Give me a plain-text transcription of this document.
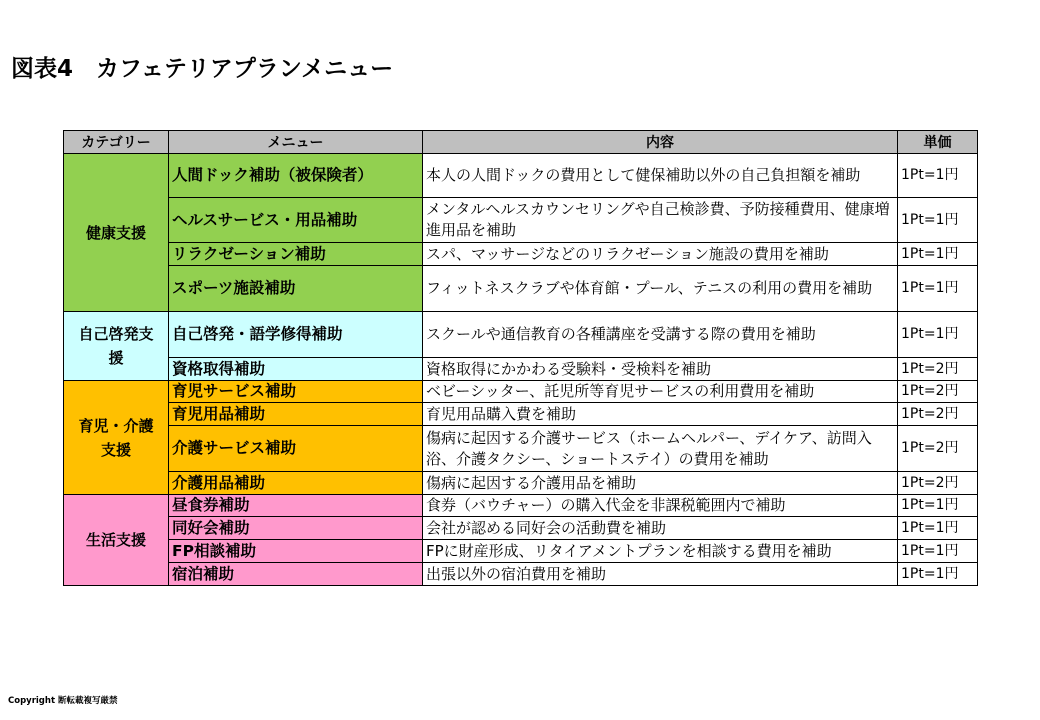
図表4　カフェテリアプランメニュー
カテゴリー	メニュー	内容	単価
健康支援	人間ドック補助（被保険者）	本人の人間ドックの費用として健保補助以外の自己負担額を補助	1Pt=1円
	ヘルスサービス・用品補助	メンタルヘルスカウンセリングや自己検診費、予防接種費用、健康増進用品を補助	1Pt=1円
	リラクゼーション補助	スパ、マッサージなどのリラクゼーション施設の費用を補助	1Pt=1円
	スポーツ施設補助	フィットネスクラブや体育館・プール、テニスの利用の費用を補助	1Pt=1円
自己啓発支援	自己啓発・語学修得補助	スクールや通信教育の各種講座を受講する際の費用を補助	1Pt=1円
	資格取得補助	資格取得にかかわる受験料・受検料を補助	1Pt=2円
育児・介護支援	育児サービス補助	ベビーシッター、託児所等育児サービスの利用費用を補助	1Pt=2円
	育児用品補助	育児用品購入費を補助	1Pt=2円
	介護サービス補助	傷病に起因する介護サービス（ホームヘルパー、デイケア、訪問入浴、介護タクシー、ショートステイ）の費用を補助	1Pt=2円
	介護用品補助	傷病に起因する介護用品を補助	1Pt=2円
生活支援	昼食券補助	食券（バウチャー）の購入代金を非課税範囲内で補助	1Pt=1円
	同好会補助	会社が認める同好会の活動費を補助	1Pt=1円
	FP相談補助	FPに財産形成、リタイアメントプランを相談する費用を補助	1Pt=1円
	宿泊補助	出張以外の宿泊費用を補助	1Pt=1円
Copyright 断転載複写厳禁
